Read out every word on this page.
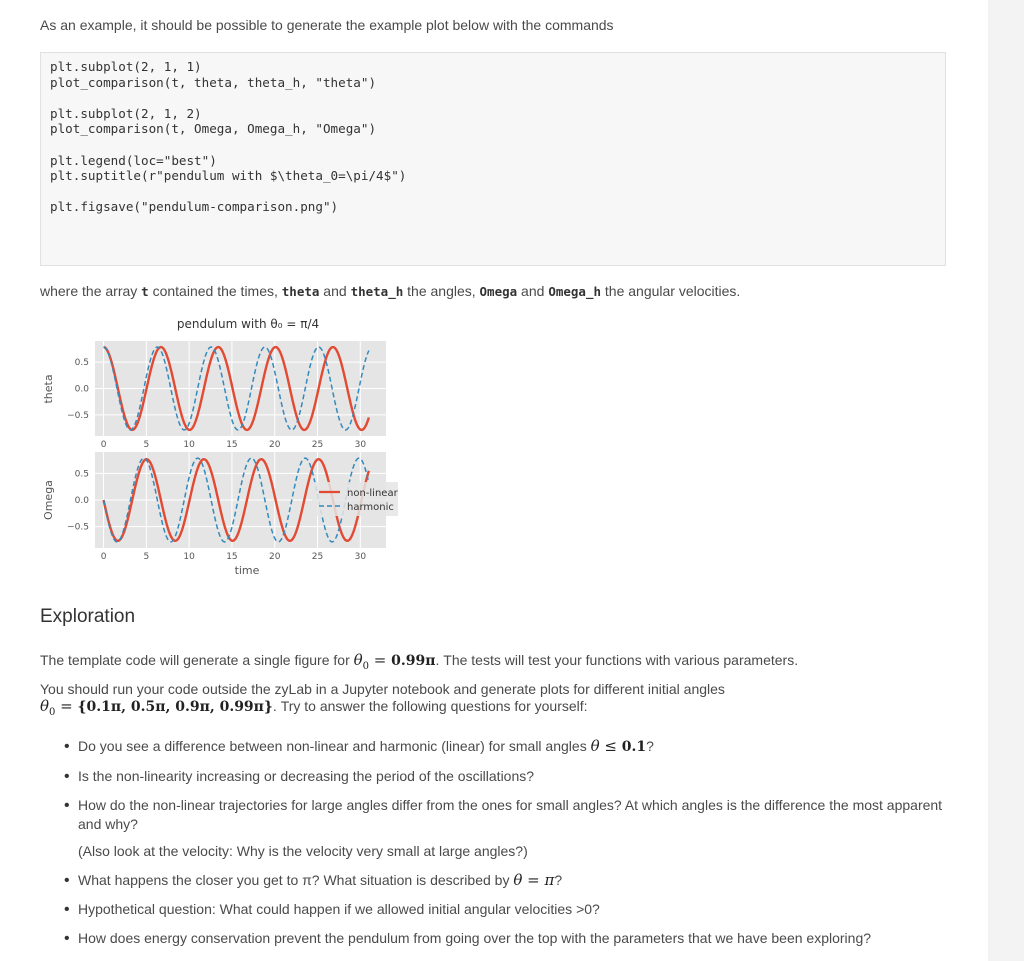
As an example, it should be possible to generate the example plot below with the commands
plt.subplot(2, 1, 1)
plot_comparison(t, theta, theta_h, "theta")

plt.subplot(2, 1, 2)
plot_comparison(t, Omega, Omega_h, "Omega")

plt.legend(loc="best")
plt.suptitle(r"pendulum with $\theta_0=\pi/4$")

plt.figsave("pendulum-comparison.png")

where the array t contained the times, theta and theta_h the angles, Omega and Omega_h the angular velocities.
pendulum with θ₀ = π/4
0.5
0.0
−0.5
0	5	10	15	20	25	30
theta
0.5
0.0
−0.5
0	5	10	15	20	25	30
Omega
time
non-linear
harmonic
Exploration
The template code will generate a single figure for $\theta_0 = 0.99\pi$. The tests will test your functions with various parameters.
You should run your code outside the zyLab in a Jupyter notebook and generate plots for different initial angles
$\theta_0 = \{0.1\pi$, 0.5π, 0.9π, 0.99π}. Try to answer the following questions for yourself:
• Do you see a difference between non-linear and harmonic (linear) for small angles θ ≤ 0.1?
• Is the non-linearity increasing or decreasing the period of the oscillations?
• How do the non-linear trajectories for large angles differ from the ones for small angles? At which angles is the difference the most apparent and why?
(Also look at the velocity: Why is the velocity very small at large angles?)
• What happens the closer you get to π? What situation is described by θ = π?
• Hypothetical question: What could happen if we allowed initial angular velocities >0?
• How does energy conservation prevent the pendulum from going over the top with the parameters that we have been exploring?
